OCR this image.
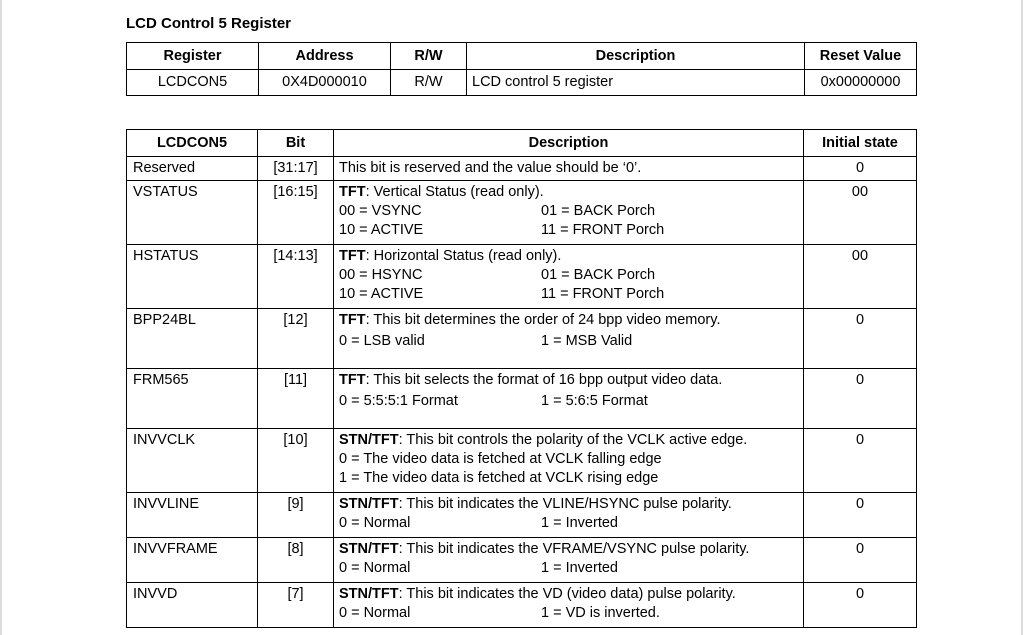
LCD Control 5 Register
Register	Address	R/W	Description	Reset Value
LCDCON5	0X4D000010	R/W	LCD control 5 register	0x00000000
LCDCON5	Bit	Description	Initial state
Reserved	[31:17]	This bit is reserved and the value should be ‘0’.	0
VSTATUS	[16:15]	TFT: Vertical Status (read only).
00 = VSYNC 01 = BACK Porch
10 = ACTIVE 11 = FRONT Porch	00
HSTATUS	[14:13]	TFT: Horizontal Status (read only).
00 = HSYNC 01 = BACK Porch
10 = ACTIVE 11 = FRONT Porch	00
BPP24BL	[12]	TFT: This bit determines the order of 24 bpp video memory.
0 = LSB valid 1 = MSB Valid	0
FRM565	[11]	TFT: This bit selects the format of 16 bpp output video data.
0 = 5:5:5:1 Format 1 = 5:6:5 Format	0
INVVCLK	[10]	STN/TFT: This bit controls the polarity of the VCLK active edge.
0 = The video data is fetched at VCLK falling edge
1 = The video data is fetched at VCLK rising edge	0
INVVLINE	[9]	STN/TFT: This bit indicates the VLINE/HSYNC pulse polarity.
0 = Normal 1 = Inverted	0
INVVFRAME	[8]	STN/TFT: This bit indicates the VFRAME/VSYNC pulse polarity.
0 = Normal 1 = Inverted	0
INVVD	[7]	STN/TFT: This bit indicates the VD (video data) pulse polarity.
0 = Normal 1 = VD is inverted.	0
